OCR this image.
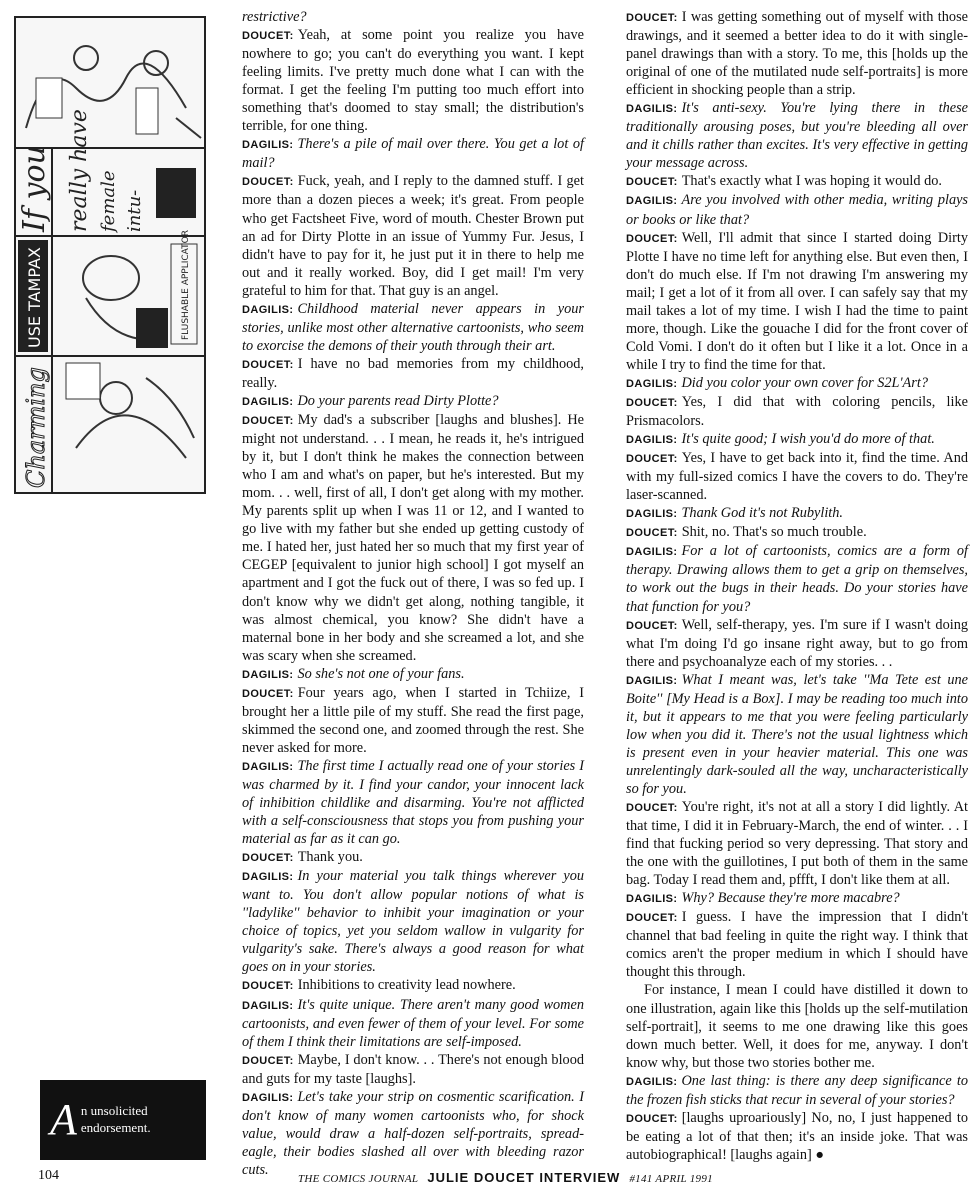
If you really have female intu-
USE TAMPAX	FLUSHABLE APPLICATOR
Charming
A n unsolicited
endorsement.

restrictive?

DOUCET: Yeah, at some point you realize you have nowhere to go; you can't do everything you want. I kept feeling limits. I've pretty much done what I can with the format. I get the feeling I'm putting too much effort into something that's doomed to stay small; the distribution's terrible, for one thing.

DAGILIS: There's a pile of mail over there. You get a lot of mail?

DOUCET: Fuck, yeah, and I reply to the damned stuff. I get more than a dozen pieces a week; it's great. From people who get Factsheet Five, word of mouth. Chester Brown put an ad for Dirty Plotte in an issue of Yummy Fur. Jesus, I didn't have to pay for it, he just put it in there to help me out and it really worked. Boy, did I get mail! I'm very grateful to him for that. That guy is an angel.

DAGILIS: Childhood material never appears in your stories, unlike most other alternative cartoonists, who seem to exorcise the demons of their youth through their art.

DOUCET: I have no bad memories from my childhood, really.

DAGILIS: Do your parents read Dirty Plotte?

DOUCET: My dad's a subscriber [laughs and blushes]. He might not understand. . . I mean, he reads it, he's intrigued by it, but I don't think he makes the connection between who I am and what's on paper, but he's interested. But my mom. . . well, first of all, I don't get along with my mother. My parents split up when I was 11 or 12, and I wanted to go live with my father but she ended up getting custody of me. I hated her, just hated her so much that my first year of CEGEP [equivalent to junior high school] I got myself an apartment and I got the fuck out of there, I was so fed up. I don't know why we didn't get along, nothing tangible, it was almost chemical, you know? She didn't have a maternal bone in her body and she screamed a lot, and she was scary when she screamed.

DAGILIS: So she's not one of your fans.

DOUCET: Four years ago, when I started in Tchiize, I brought her a little pile of my stuff. She read the first page, skimmed the second one, and zoomed through the rest. She never asked for more.

DAGILIS: The first time I actually read one of your stories I was charmed by it. I find your candor, your innocent lack of inhibition childlike and disarming. You're not afflicted with a self-consciousness that stops you from pushing your material as far as it can go.

DOUCET: Thank you.

DAGILIS: In your material you talk things wherever you want to. You don't allow popular notions of what is ''ladylike'' behavior to inhibit your imagination or your choice of topics, yet you seldom wallow in vulgarity for vulgarity's sake. There's always a good reason for what goes on in your stories.

DOUCET: Inhibitions to creativity lead nowhere.

DAGILIS: It's quite unique. There aren't many good women cartoonists, and even fewer of them of your level. For some of them I think their limitations are self-imposed.

DOUCET: Maybe, I don't know. . . There's not enough blood and guts for my taste [laughs].

DAGILIS: Let's take your strip on cosmentic scarification. I don't know of many women cartoonists who, for shock value, would draw a half-dozen self-portraits, spread-eagle, their bodies slashed all over with bleeding razor cuts.

DOUCET: I was getting something out of myself with those drawings, and it seemed a better idea to do it with single-panel drawings than with a story. To me, this [holds up the original of one of the mutilated nude self-portraits] is more efficient in shocking people than a strip.

DAGILIS: It's anti-sexy. You're lying there in these traditionally arousing poses, but you're bleeding all over and it chills rather than excites. It's very effective in getting your message across.

DOUCET: That's exactly what I was hoping it would do.

DAGILIS: Are you involved with other media, writing plays or books or like that?

DOUCET: Well, I'll admit that since I started doing Dirty Plotte I have no time left for anything else. But even then, I don't do much else. If I'm not drawing I'm answering my mail; I get a lot of it from all over. I can safely say that my mail takes a lot of my time. I wish I had the time to paint more, though. Like the gouache I did for the front cover of Cold Vomi. I don't do it often but I like it a lot. Once in a while I try to find the time for that.

DAGILIS: Did you color your own cover for S2L'Art?

DOUCET: Yes, I did that with coloring pencils, like Prismacolors.

DAGILIS: It's quite good; I wish you'd do more of that.

DOUCET: Yes, I have to get back into it, find the time. And with my full-sized comics I have the covers to do. They're laser-scanned.

DAGILIS: Thank God it's not Rubylith.

DOUCET: Shit, no. That's so much trouble.

DAGILIS: For a lot of cartoonists, comics are a form of therapy. Drawing allows them to get a grip on themselves, to work out the bugs in their heads. Do your stories have that function for you?

DOUCET: Well, self-therapy, yes. I'm sure if I wasn't doing what I'm doing I'd go insane right away, but to go from there and psychoanalyze each of my stories. . .

DAGILIS: What I meant was, let's take ''Ma Tete est une Boite'' [My Head is a Box]. I may be reading too much into it, but it appears to me that you were feeling particularly low when you did it. There's not the usual lightness which is present even in your heavier material. This one was unrelentingly dark-souled all the way, uncharacteristically so for you.

DOUCET: You're right, it's not at all a story I did lightly. At that time, I did it in February-March, the end of winter. . . I find that fucking period so very depressing. That story and the one with the guillotines, I put both of them in the same bag. Today I read them and, pffft, I don't like them at all.

DAGILIS: Why? Because they're more macabre?

DOUCET: I guess. I have the impression that I didn't channel that bad feeling in quite the right way. I think that comics aren't the proper medium in which I should have thought this through.

For instance, I mean I could have distilled it down to one illustration, again like this [holds up the self-mutilation self-portrait], it seems to me one drawing like this goes down much better. Well, it does for me, anyway. I don't know why, but those two stories bother me.

DAGILIS: One last thing: is there any deep significance to the frozen fish sticks that recur in several of your stories?

DOUCET: [laughs uproariously] No, no, I just happened to be eating a lot of that then; it's an inside joke. That was autobiographical! [laughs again] ●

104	THE COMICS JOURNAL JULIE DOUCET INTERVIEW #141 APRIL 1991
